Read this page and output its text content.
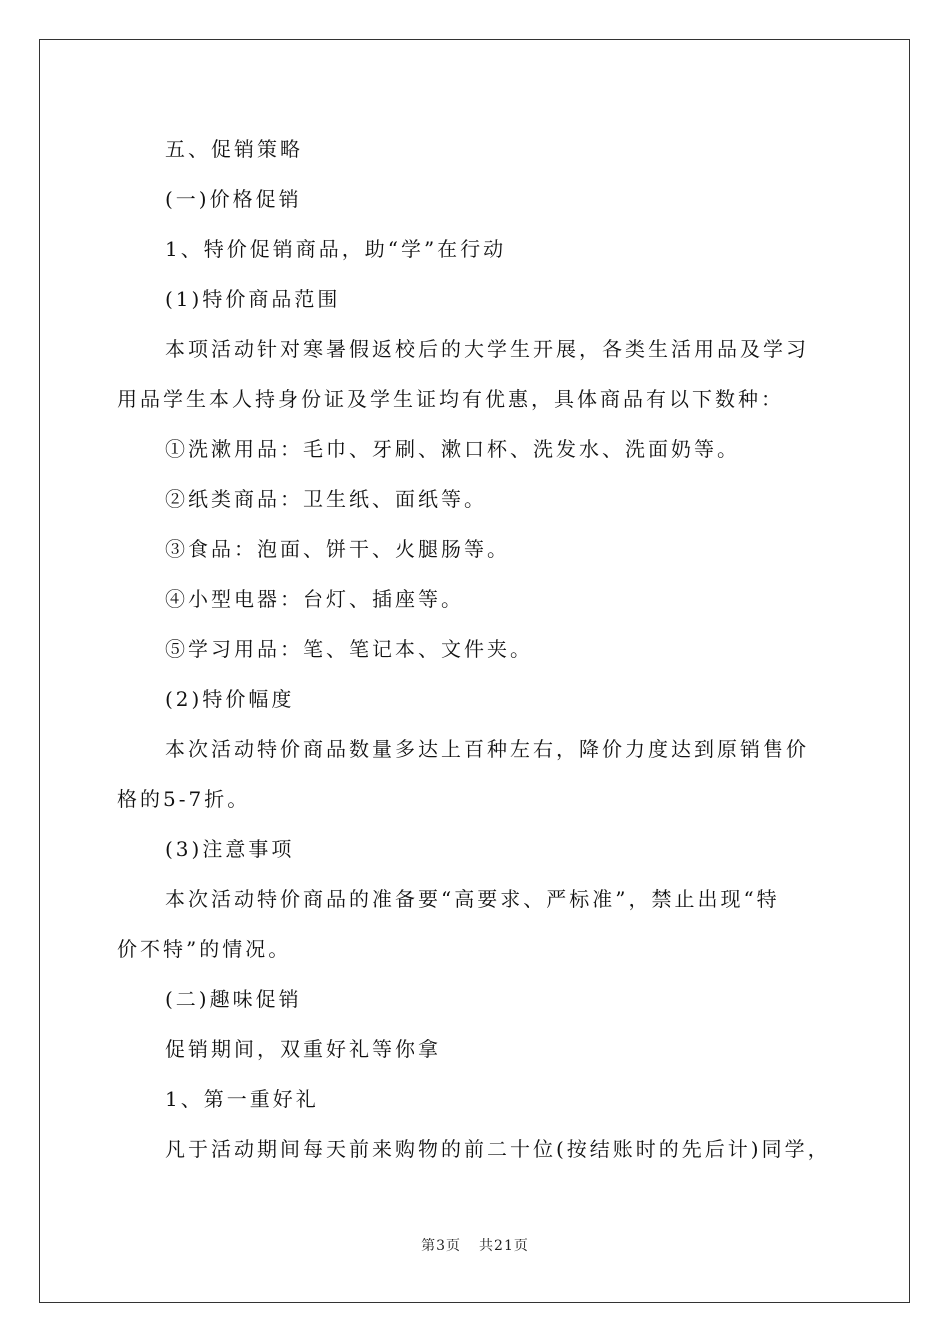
五、促销策略
(一)价格促销
1、特价促销商品，助“学”在行动
(1)特价商品范围
本项活动针对寒暑假返校后的大学生开展，各类生活用品及学习
用品学生本人持身份证及学生证均有优惠，具体商品有以下数种：
①洗漱用品：毛巾、牙刷、漱口杯、洗发水、洗面奶等。
②纸类商品：卫生纸、面纸等。
③食品：泡面、饼干、火腿肠等。
④小型电器：台灯、插座等。
⑤学习用品：笔、笔记本、文件夹。
(2)特价幅度
本次活动特价商品数量多达上百种左右，降价力度达到原销售价
格的5-7折。
(3)注意事项
本次活动特价商品的准备要“高要求、严标准”，禁止出现“特
价不特”的情况。
(二)趣味促销
促销期间，双重好礼等你拿
1、第一重好礼
凡于活动期间每天前来购物的前二十位(按结账时的先后计)同学，
第3页 共21页
